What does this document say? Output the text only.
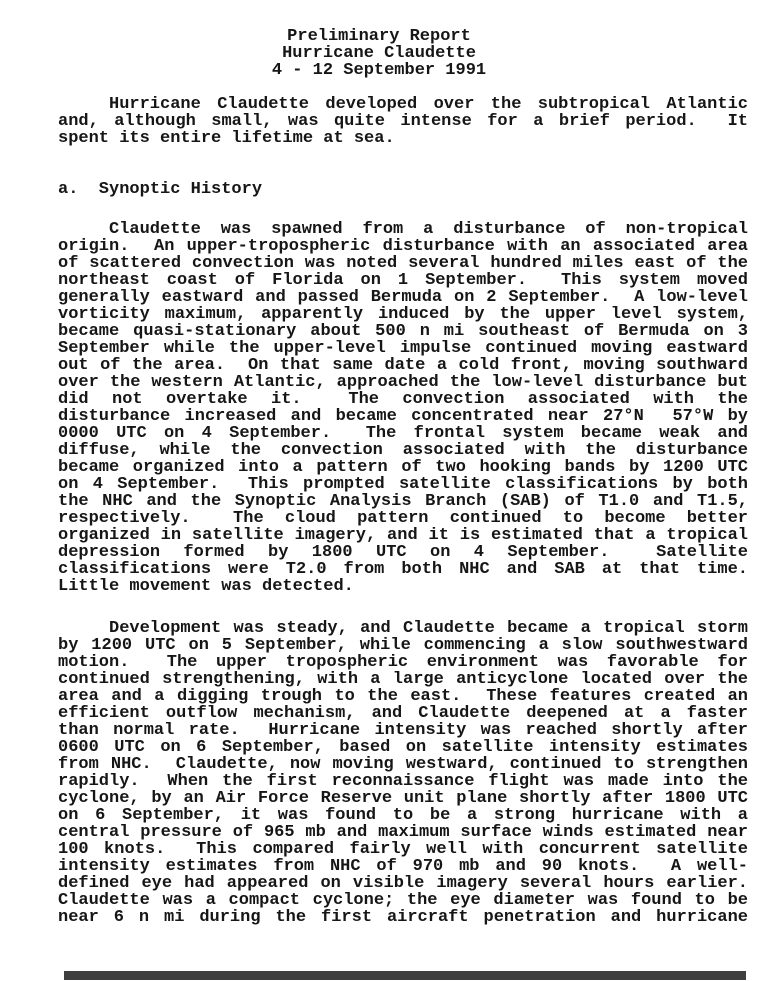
Preliminary Report
Hurricane Claudette
4 - 12 September 1991
Hurricane Claudette developed over the subtropical Atlantic
and, although small, was quite intense for a brief period.  It
spent its entire lifetime at sea.
a.  Synoptic History
Claudette was spawned from a disturbance of non-tropical
origin.  An upper-tropospheric disturbance with an associated area
of scattered convection was noted several hundred miles east of the
northeast coast of Florida on 1 September.  This system moved
generally eastward and passed Bermuda on 2 September.  A low-level
vorticity maximum, apparently induced by the upper level system,
became quasi-stationary about 500 n mi southeast of Bermuda on 3
September while the upper-level impulse continued moving eastward
out of the area.  On that same date a cold front, moving southward
over the western Atlantic, approached the low-level disturbance but
did not overtake it.  The convection associated with the
disturbance increased and became concentrated near 27°N  57°W by
0000 UTC on 4 September.  The frontal system became weak and
diffuse, while the convection associated with the disturbance
became organized into a pattern of two hooking bands by 1200 UTC
on 4 September.  This prompted satellite classifications by both
the NHC and the Synoptic Analysis Branch (SAB) of T1.0 and T1.5,
respectively.  The cloud pattern continued to become better
organized in satellite imagery, and it is estimated that a tropical
depression formed by 1800 UTC on 4 September.  Satellite
classifications were T2.0 from both NHC and SAB at that time.
Little movement was detected.
Development was steady, and Claudette became a tropical storm
by 1200 UTC on 5 September, while commencing a slow southwestward
motion.  The upper tropospheric environment was favorable for
continued strengthening, with a large anticyclone located over the
area and a digging trough to the east.  These features created an
efficient outflow mechanism, and Claudette deepened at a faster
than normal rate.  Hurricane intensity was reached shortly after
0600 UTC on 6 September, based on satellite intensity estimates
from NHC.  Claudette, now moving westward, continued to strengthen
rapidly.  When the first reconnaissance flight was made into the
cyclone, by an Air Force Reserve unit plane shortly after 1800 UTC
on 6 September, it was found to be a strong hurricane with a
central pressure of 965 mb and maximum surface winds estimated near
100 knots.  This compared fairly well with concurrent satellite
intensity estimates from NHC of 970 mb and 90 knots.  A well-
defined eye had appeared on visible imagery several hours earlier.
Claudette was a compact cyclone; the eye diameter was found to be
near 6 n mi during the first aircraft penetration and hurricane
